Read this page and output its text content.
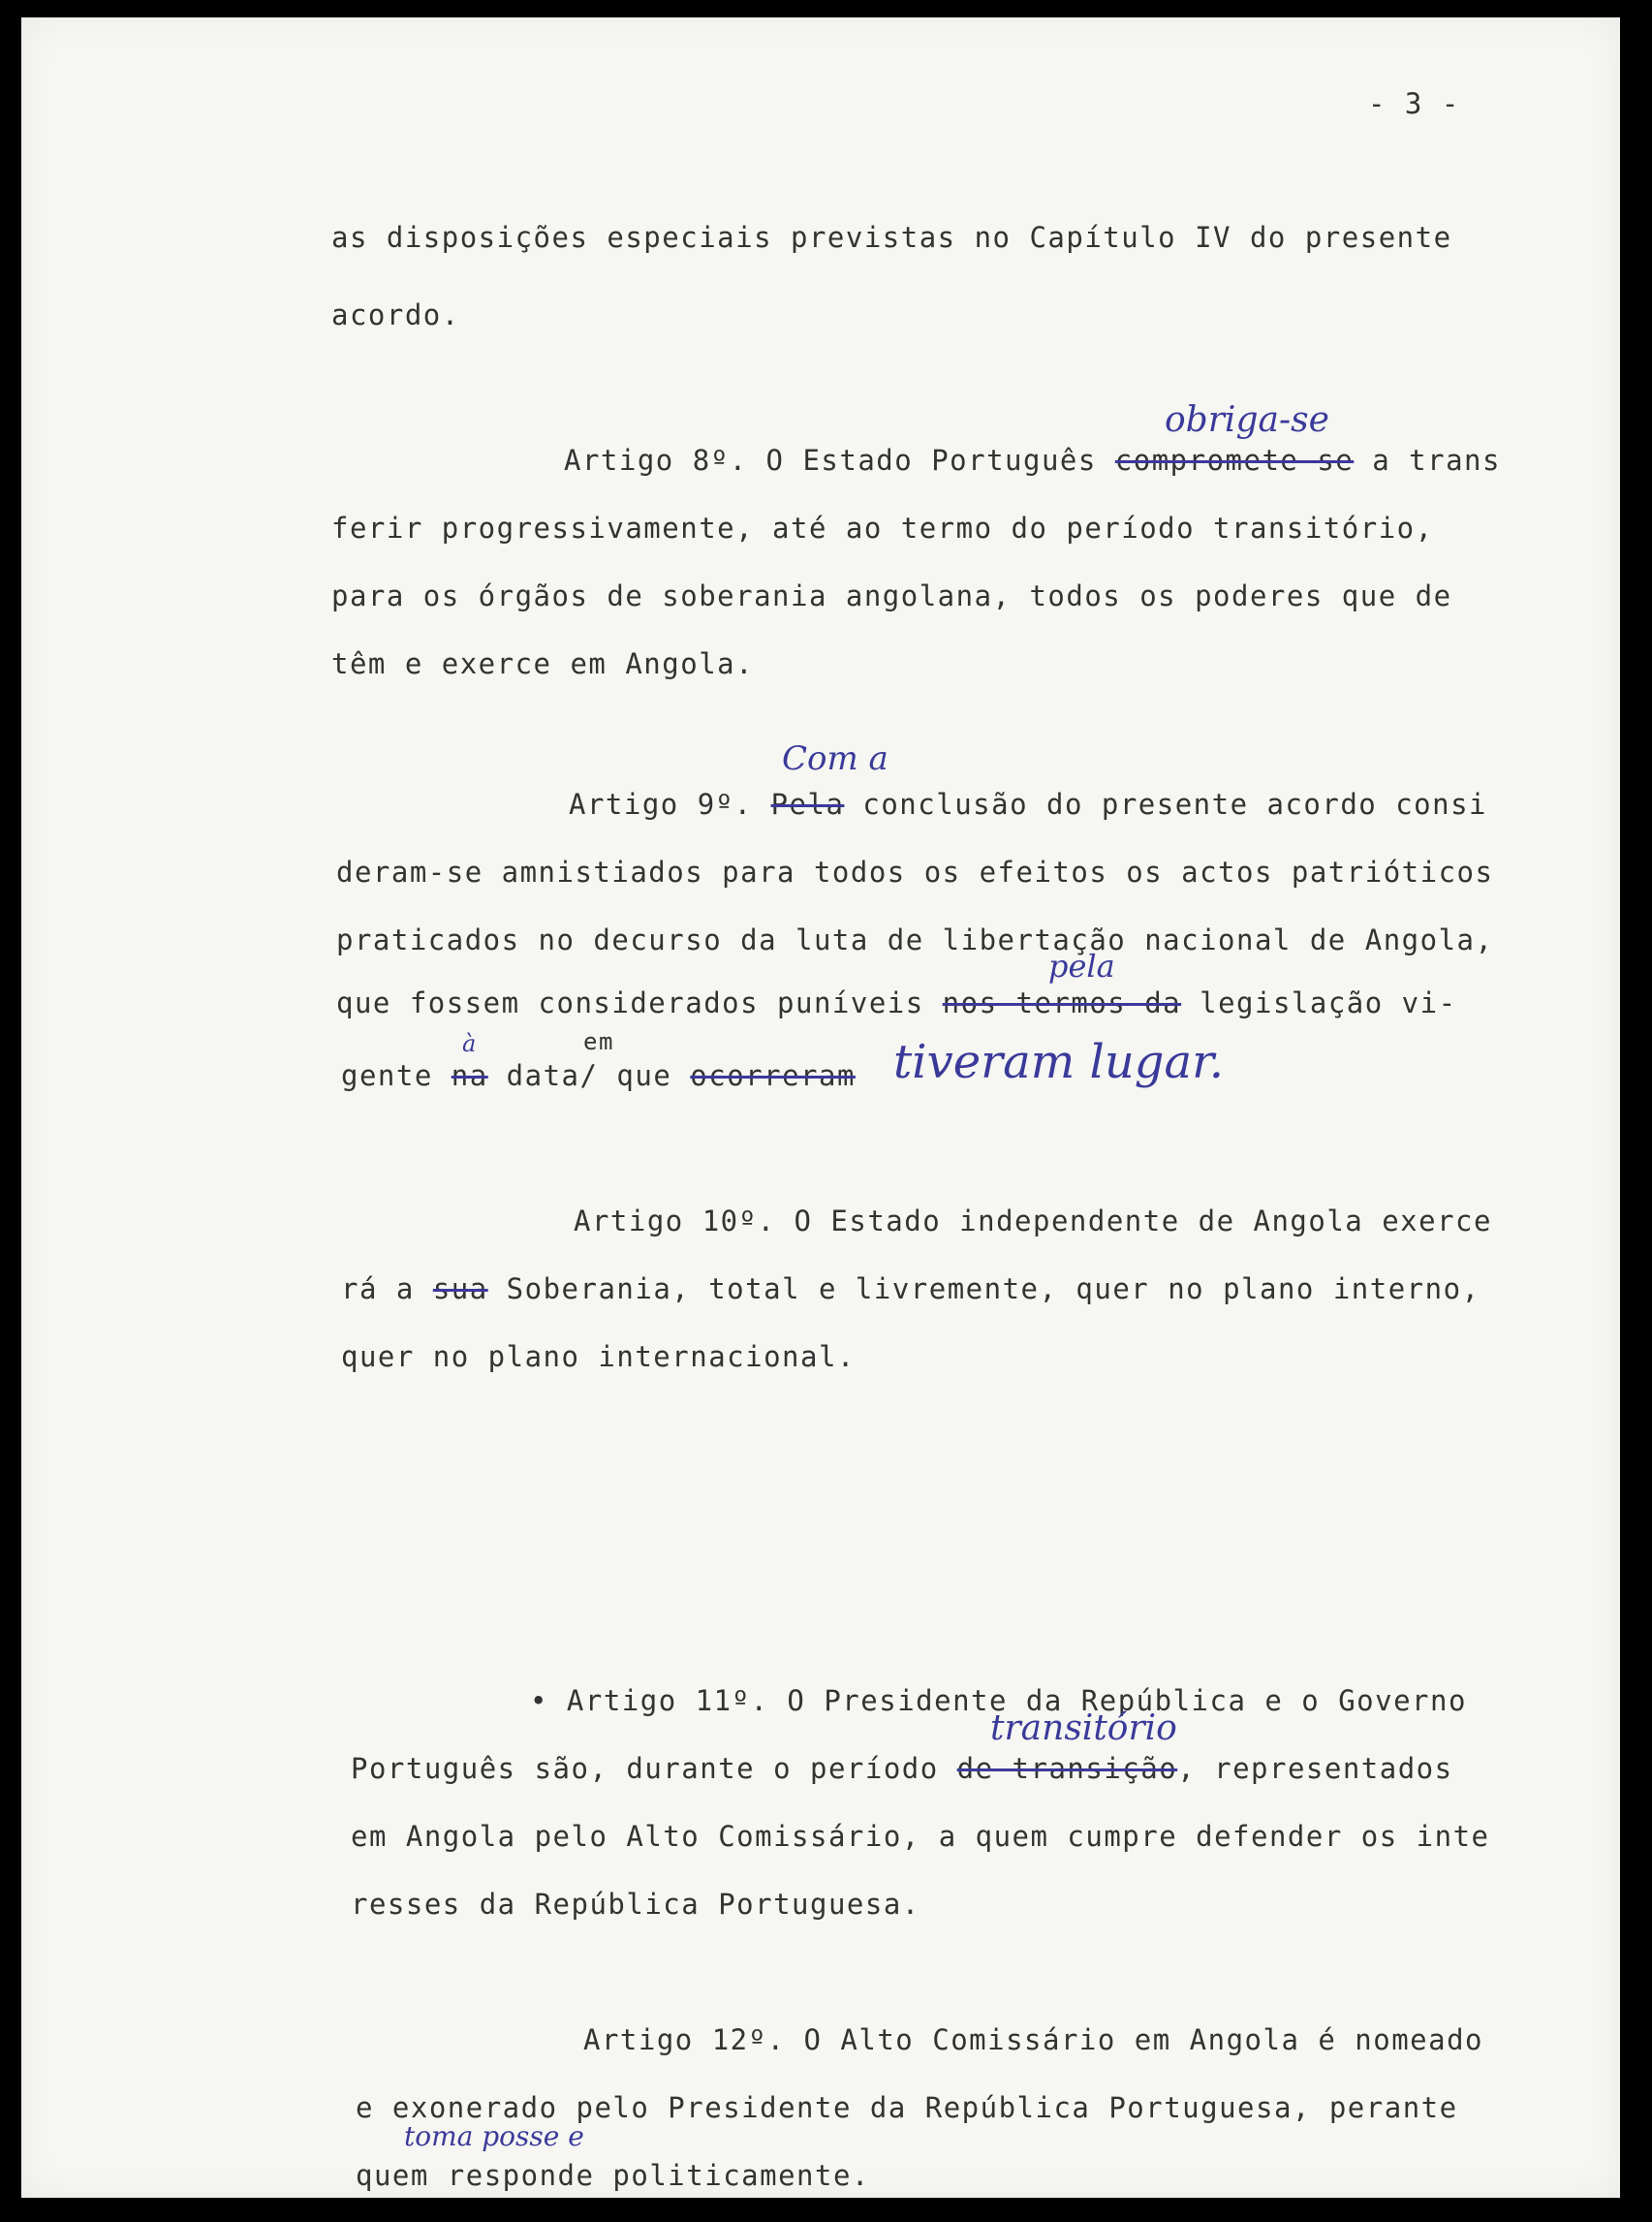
- 3 -
as disposições especiais previstas no Capítulo IV do presente
acordo.
obriga-se
Artigo 8º. O Estado Português compromete-se a trans
ferir progressivamente, até ao termo do período transitório,
para os órgãos de soberania angolana, todos os poderes que de
têm e exerce em Angola.
Com a
Artigo 9º. Pela conclusão do presente acordo consi
deram-se amnistiados para todos os efeitos os actos patrióticos
praticados no decurso da luta de libertação nacional de Angola,
pela
que fossem considerados puníveis nos termos da legislação vi-
à	em
gente na data/ que ocorreram tiveram lugar.
Artigo 10º. O Estado independente de Angola exerce
rá a sua Soberania, total e livremente, quer no plano interno,
quer no plano internacional.
• Artigo 11º. O Presidente da República e o Governo
transitório
Português são, durante o período de transição, representados
em Angola pelo Alto Comissário, a quem cumpre defender os inte
resses da República Portuguesa.
Artigo 12º. O Alto Comissário em Angola é nomeado
e exonerado pelo Presidente da República Portuguesa, perante
toma posse e
quem responde politicamente.
